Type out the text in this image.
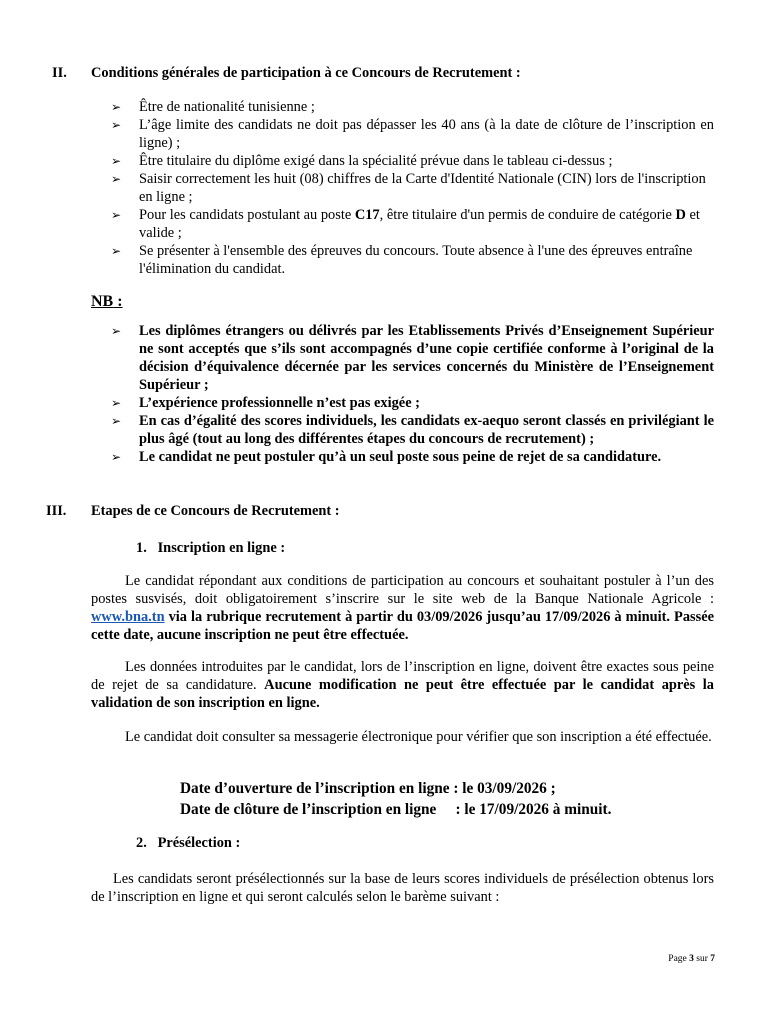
II. Conditions générales de participation à ce Concours de Recrutement :
➢	Être de nationalité tunisienne ;
➢	L’âge limite des candidats ne doit pas dépasser les 40 ans (à la date de clôture de l’inscription en ligne) ;
➢	Être titulaire du diplôme exigé dans la spécialité prévue dans le tableau ci-dessus ;
➢	Saisir correctement les huit (08) chiffres de la Carte d'Identité Nationale (CIN) lors de l'inscription en ligne ;
➢	Pour les candidats postulant au poste C17, être titulaire d'un permis de conduire de catégorie D et valide ;
➢	Se présenter à l'ensemble des épreuves du concours. Toute absence à l'une des épreuves entraîne l'élimination du candidat.
NB :
➢	Les diplômes étrangers ou délivrés par les Etablissements Privés d’Enseignement Supérieur ne sont acceptés que s’ils sont accompagnés d’une copie certifiée conforme à l’original de la décision d’équivalence décernée par les services concernés du Ministère de l’Enseignement Supérieur ;
➢	L’expérience professionnelle n’est pas exigée ;
➢	En cas d’égalité des scores individuels, les candidats ex-aequo seront classés en privilégiant le plus âgé (tout au long des différentes étapes du concours de recrutement) ;
➢	Le candidat ne peut postuler qu’à un seul poste sous peine de rejet de sa candidature.
III. Etapes de ce Concours de Recrutement :
1.   Inscription en ligne :
Le candidat répondant aux conditions de participation au concours et souhaitant postuler à l’un des postes susvisés, doit obligatoirement s’inscrire sur le site web de la Banque Nationale Agricole : www.bna.tn via la rubrique recrutement à partir du 03/09/2026 jusqu’au 17/09/2026 à minuit. Passée cette date, aucune inscription ne peut être effectuée.
Les données introduites par le candidat, lors de l’inscription en ligne, doivent être exactes sous peine de rejet de sa candidature. Aucune modification ne peut être effectuée par le candidat après la validation de son inscription en ligne.
Le candidat doit consulter sa messagerie électronique pour vérifier que son inscription a été effectuée.
Date d’ouverture de l’inscription en ligne : le 03/09/2026 ;
Date de clôture de l’inscription en ligne     : le 17/09/2026 à minuit.
2.   Présélection :
Les candidats seront présélectionnés sur la base de leurs scores individuels de présélection obtenus lors de l’inscription en ligne et qui seront calculés selon le barème suivant :
Page 3 sur 7
